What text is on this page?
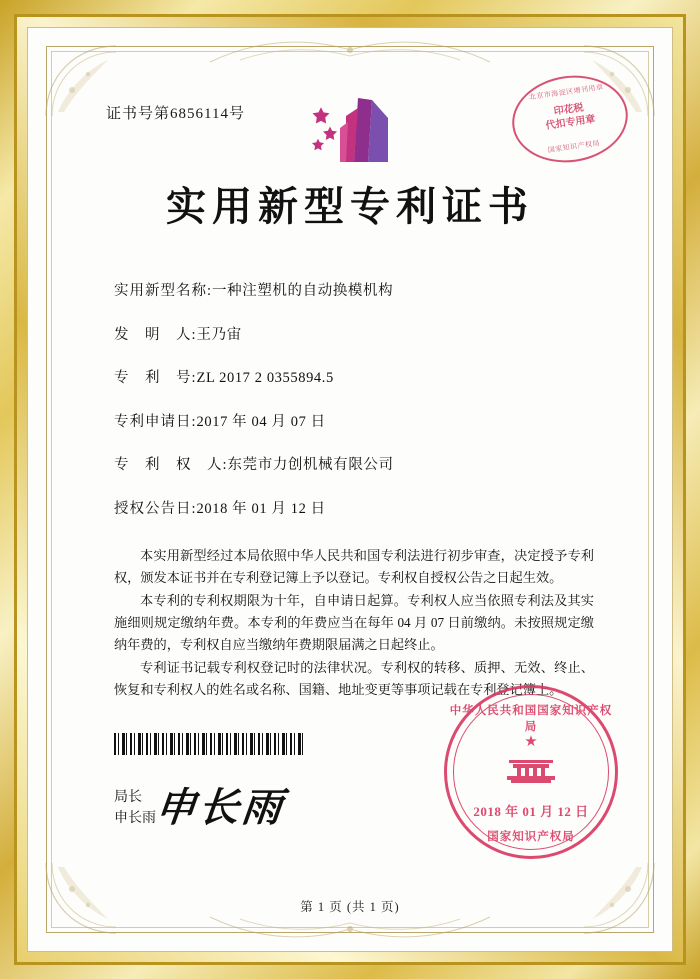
证书号第6856114号
北京市海淀区增刊用章
印花税
代扣专用章
国家知识产权局
实用新型专利证书
实用新型名称: 一种注塑机的自动换模机构
发　明　人: 王乃宙
专　利　号: ZL 2017 2 0355894.5
专利申请日: 2017 年 04 月 07 日
专　利　权　人: 东莞市力创机械有限公司
授权公告日: 2018 年 01 月 12 日

本实用新型经过本局依照中华人民共和国专利法进行初步审查，决定授予专利权，颁发本证书并在专利登记簿上予以登记。专利权自授权公告之日起生效。

本专利的专利权期限为十年，自申请日起算。专利权人应当依照专利法及其实施细则规定缴纳年费。本专利的年费应当在每年 04 月 07 日前缴纳。未按照规定缴纳年费的，专利权自应当缴纳年费期限届满之日起终止。

专利证书记载专利权登记时的法律状况。专利权的转移、质押、无效、终止、恢复和专利权人的姓名或名称、国籍、地址变更等事项记载在专利登记簿上。

局长
申长雨
申长雨
中华人民共和国国家知识产权局
★
2018 年 01 月 12 日
国家知识产权局
第 1 页 (共 1 页)
